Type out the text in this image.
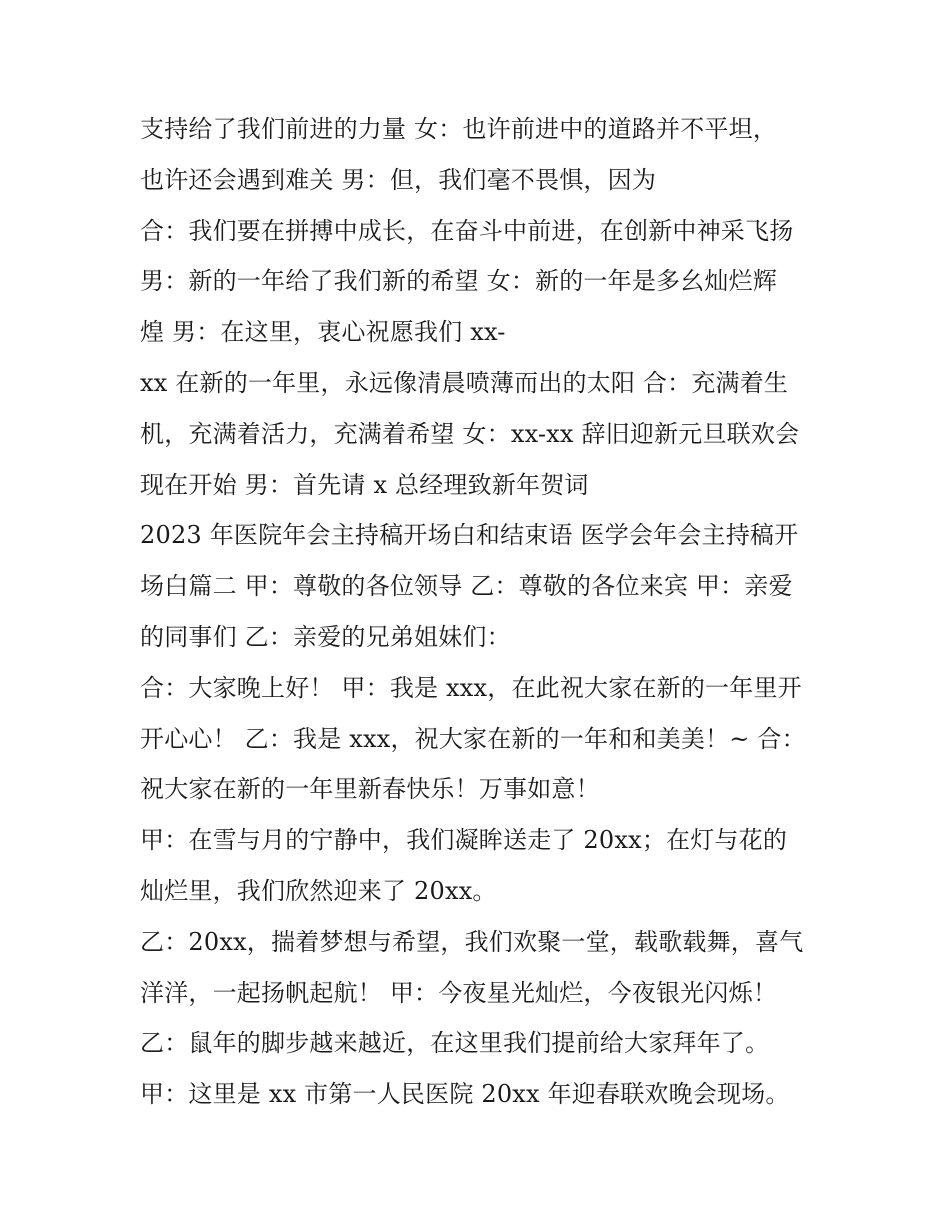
支持给了我们前进的力量 女：也许前进中的道路并不平坦，
也许还会遇到难关 男：但，我们毫不畏惧，因为
合：我们要在拼搏中成长，在奋斗中前进，在创新中神采飞扬
男：新的一年给了我们新的希望 女：新的一年是多幺灿烂辉
煌 男：在这里，衷心祝愿我们 xx-
xx 在新的一年里，永远像清晨喷薄而出的太阳 合：充满着生
机，充满着活力，充满着希望 女：xx-xx 辞旧迎新元旦联欢会
现在开始 男：首先请 x 总经理致新年贺词
2023 年医院年会主持稿开场白和结束语 医学会年会主持稿开
场白篇二 甲：尊敬的各位领导 乙：尊敬的各位来宾 甲：亲爱
的同事们 乙：亲爱的兄弟姐妹们：
合：大家晚上好！ 甲：我是 xxx，在此祝大家在新的一年里开
开心心！ 乙：我是 xxx，祝大家在新的一年和和美美！~ 合：
祝大家在新的一年里新春快乐！万事如意！
甲：在雪与月的宁静中，我们凝眸送走了 20xx；在灯与花的
灿烂里，我们欣然迎来了 20xx。
乙：20xx，揣着梦想与希望，我们欢聚一堂，载歌载舞，喜气
洋洋，一起扬帆起航！ 甲：今夜星光灿烂，今夜银光闪烁！
乙：鼠年的脚步越来越近，在这里我们提前给大家拜年了。
甲：这里是 xx 市第一人民医院 20xx 年迎春联欢晚会现场。
